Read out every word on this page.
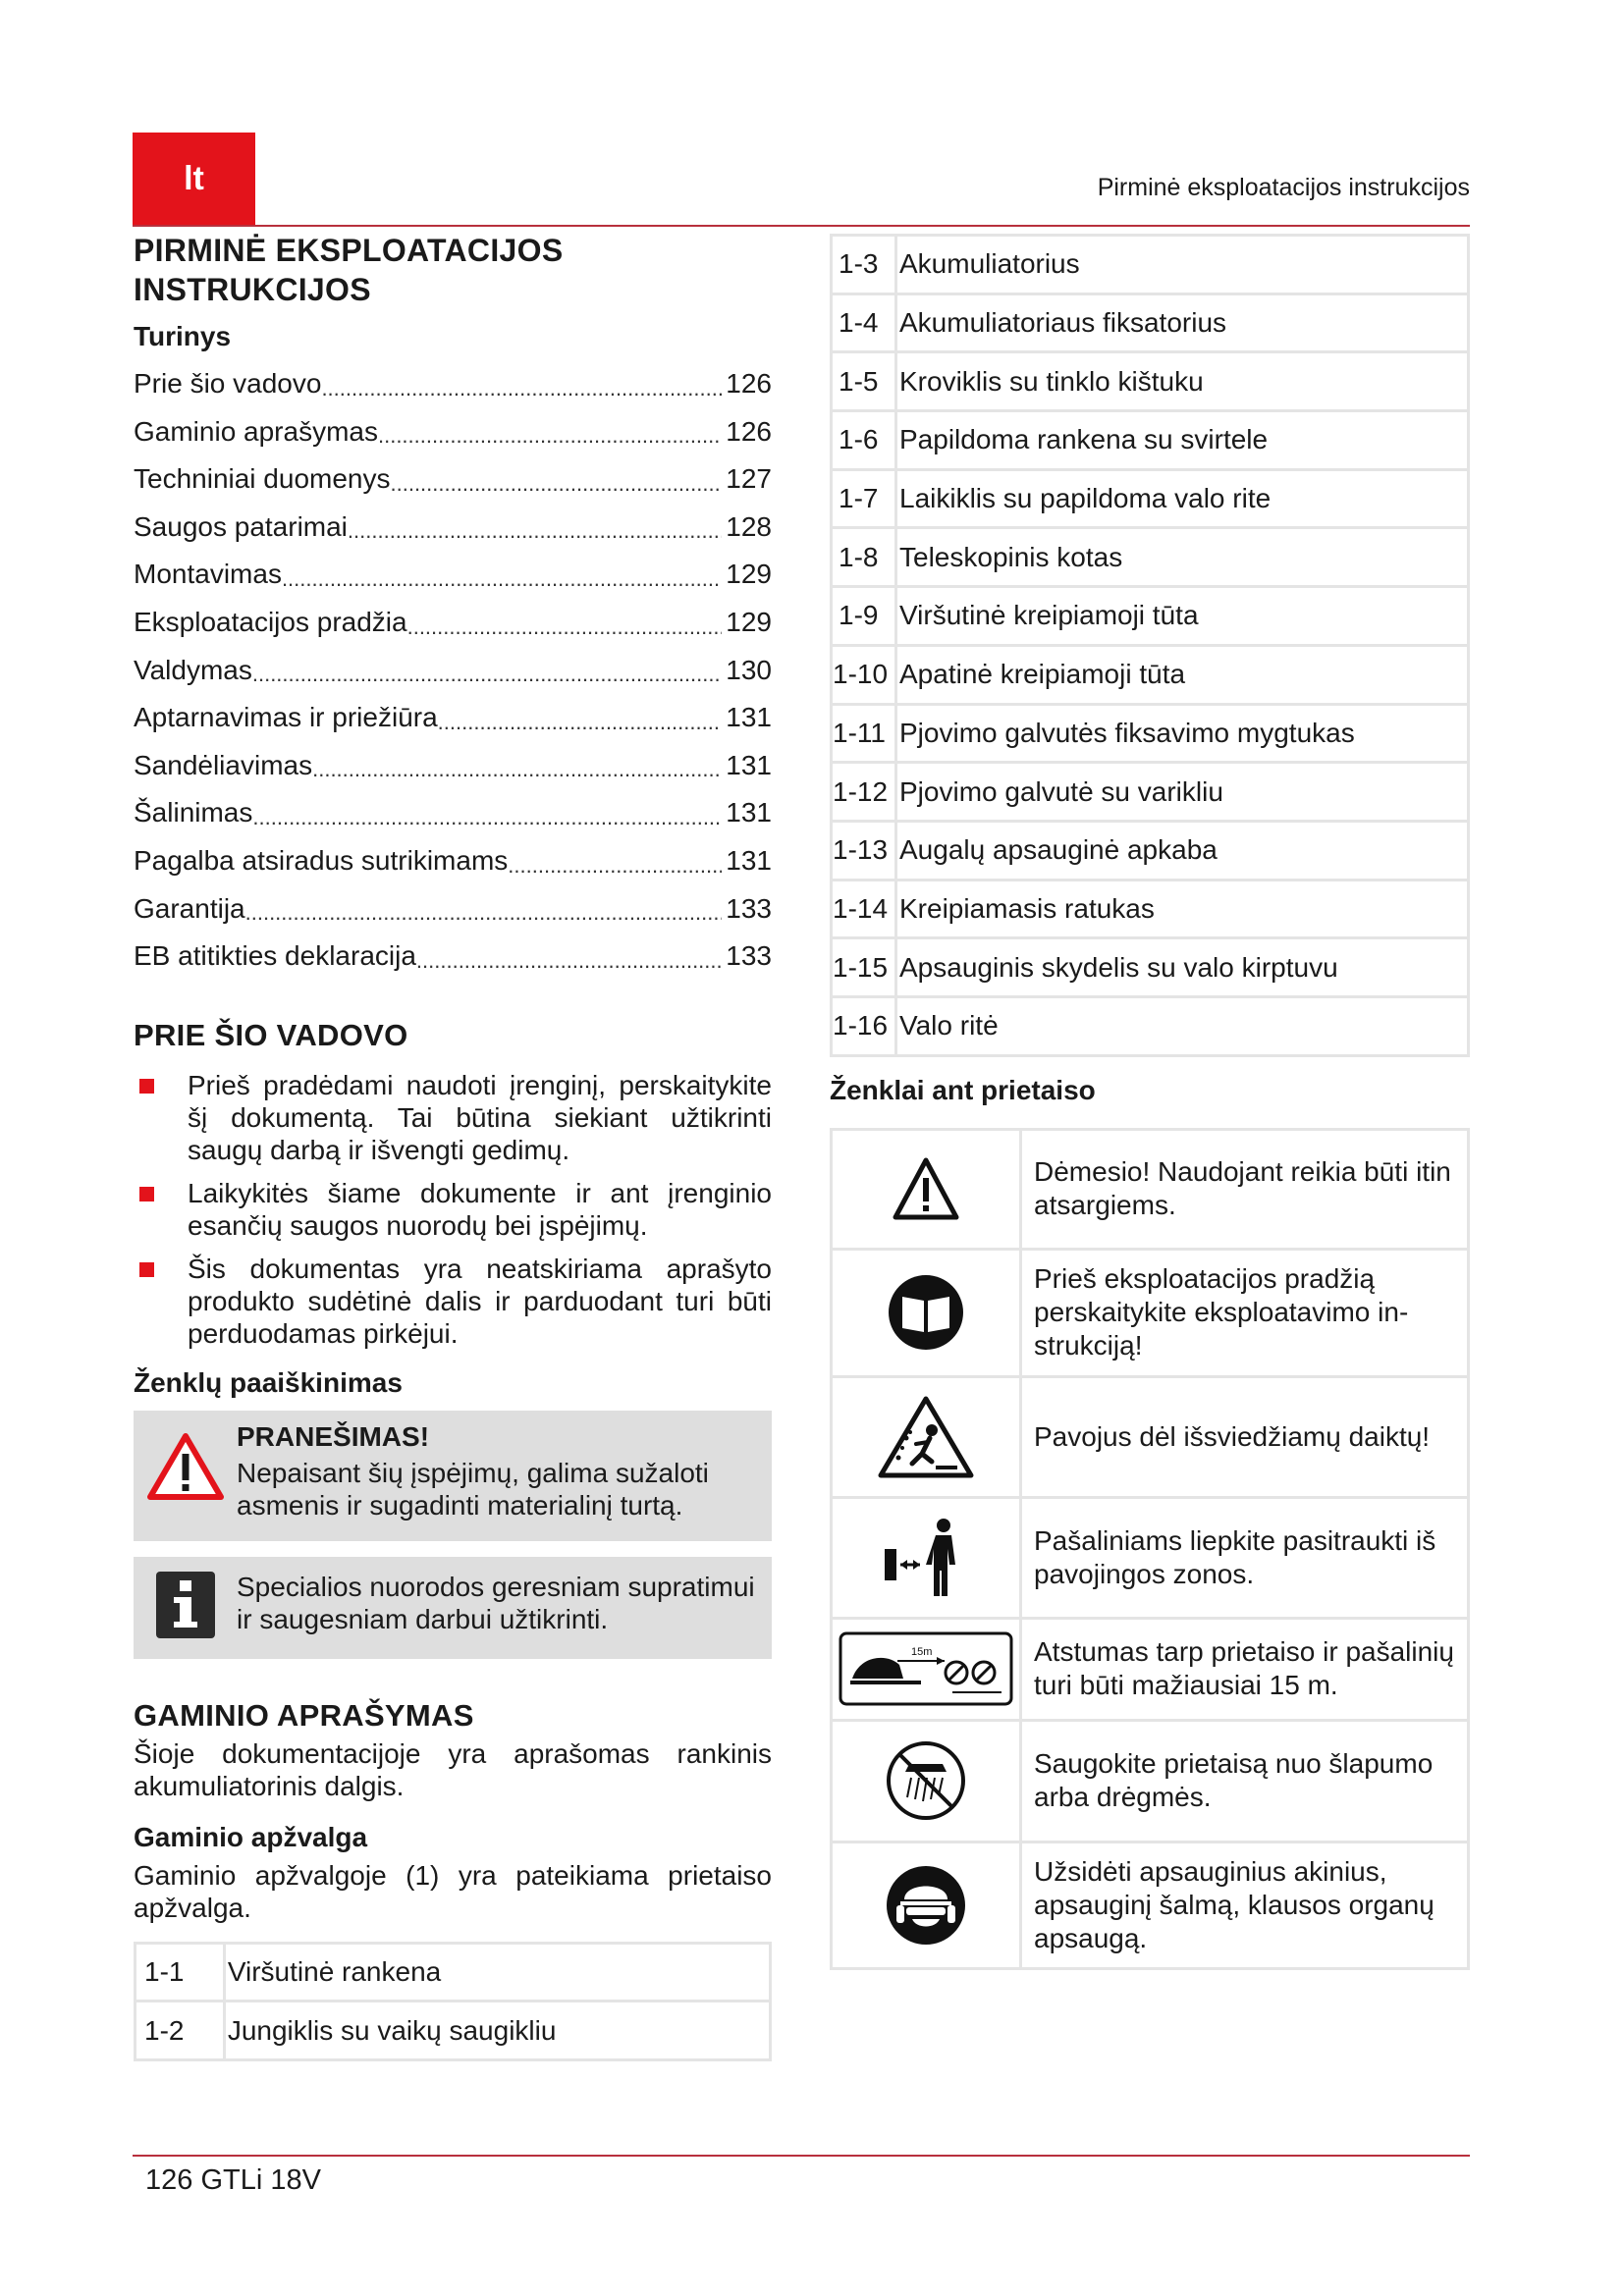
lt	Pirminė eksploatacijos instrukcijos
PIRMINĖ EKSPLOATACIJOS
INSTRUKCIJOS
Turinys
Prie šio vadovo .....	126
Gaminio aprašymas .....	126
Techniniai duomenys .....	127
Saugos patarimai .....	128
Montavimas .....	129
Eksploatacijos pradžia .....	129
Valdymas .....	130
Aptarnavimas ir priežiūra .....	131
Sandėliavimas .....	131
Šalinimas .....	131
Pagalba atsiradus sutrikimams .....	131
Garantija .....	133
EB atitikties deklaracija .....	133
PRIE ŠIO VADOVO
Prieš pradėdami naudoti įrenginį, perskaitykite šį dokumentą. Tai būtina siekiant užtikrinti saugų darbą ir išvengti gedimų.
Laikykitės šiame dokumente ir ant įrenginio esančių saugos nuorodų bei įspėjimų.
Šis dokumentas yra neatskiriama aprašyto produkto sudėtinė dalis ir parduodant turi būti perduodamas pirkėjui.
Ženklų paaiškinimas
PRANEŠIMAS!
Nepaisant šių įspėjimų, galima sužaloti asmenis ir sugadinti materialinį turtą.
Specialios nuorodos geresniam supratimui ir saugesniam darbui užtikrinti.
GAMINIO APRAŠYMAS

Šioje dokumentacijoje yra aprašomas rankinis akumuliatorinis dalgis.

Gaminio apžvalga

Gaminio apžvalgoje (1) yra pateikiama prietaiso apžvalga.

1-1	Viršutinė rankena
1-2	Jungiklis su vaikų saugikliu
1-3	Akumuliatorius
1-4	Akumuliatoriaus fiksatorius
1-5	Kroviklis su tinklo kištuku
1-6	Papildoma rankena su svirtele
1-7	Laikiklis su papildoma valo rite
1-8	Teleskopinis kotas
1-9	Viršutinė kreipiamoji tūta
1-10	Apatinė kreipiamoji tūta
1-11	Pjovimo galvutės fiksavimo mygtukas
1-12	Pjovimo galvutė su varikliu
1-13	Augalų apsauginė apkaba
1-14	Kreipiamasis ratukas
1-15	Apsauginis skydelis su valo kirptuvu
1-16	Valo ritė
Ženklai ant prietaiso
	Dėmesio! Naudojant reikia būti itin atsargiems.

	Prieš eksploatacijos pradžią perskaitykite eksploatavimo instrukciją!

	Pavojus dėl išsviedžiamų daiktų!

	Pašaliniams liepkite pasitraukti iš pavojingos zonos.

15m	Atstumas tarp prietaiso ir pašalinių turi būti mažiausiai 15 m.

	Saugokite prietaisą nuo šlapumo arba drėgmės.

	Užsidėti apsauginius akinius, apsauginį šalmą, klausos organų apsaugą.
126 GTLi 18V
